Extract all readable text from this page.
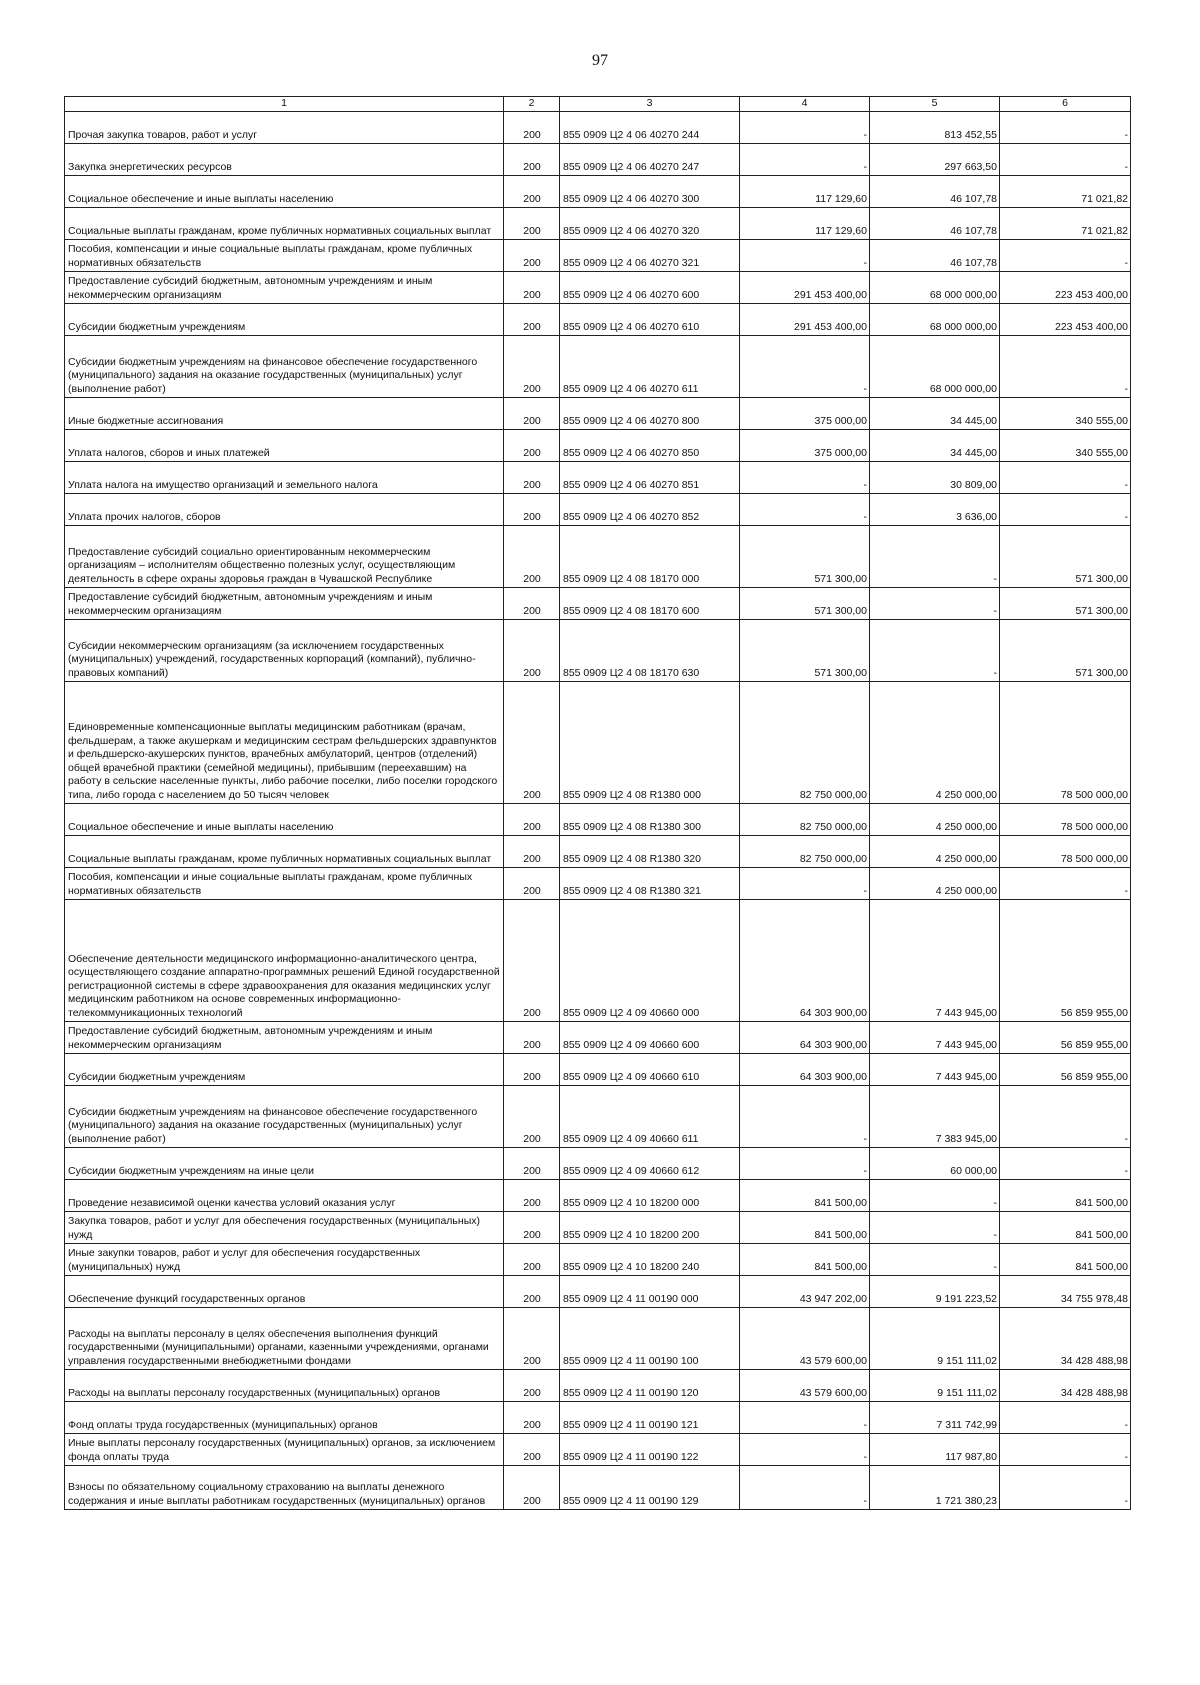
97
1	2	3	4	5	6
Прочая закупка товаров, работ и услуг	200	855 0909 Ц2 4 06 40270 244	-	813 452,55	-
Закупка энергетических ресурсов	200	855 0909 Ц2 4 06 40270 247	-	297 663,50	-
Социальное обеспечение и иные выплаты населению	200	855 0909 Ц2 4 06 40270 300	117 129,60	46 107,78	71 021,82
Социальные выплаты гражданам, кроме публичных нормативных социальных выплат	200	855 0909 Ц2 4 06 40270 320	117 129,60	46 107,78	71 021,82
Пособия, компенсации и иные социальные выплаты гражданам, кроме публичных нормативных обязательств	200	855 0909 Ц2 4 06 40270 321	-	46 107,78	-
Предоставление субсидий бюджетным, автономным учреждениям и иным некоммерческим организациям	200	855 0909 Ц2 4 06 40270 600	291 453 400,00	68 000 000,00	223 453 400,00
Субсидии бюджетным учреждениям	200	855 0909 Ц2 4 06 40270 610	291 453 400,00	68 000 000,00	223 453 400,00
Субсидии бюджетным учреждениям на финансовое обеспечение государственного (муниципального) задания на оказание государственных (муниципальных) услуг (выполнение работ)	200	855 0909 Ц2 4 06 40270 611	-	68 000 000,00	-
Иные бюджетные ассигнования	200	855 0909 Ц2 4 06 40270 800	375 000,00	34 445,00	340 555,00
Уплата налогов, сборов и иных платежей	200	855 0909 Ц2 4 06 40270 850	375 000,00	34 445,00	340 555,00
Уплата налога на имущество организаций и земельного налога	200	855 0909 Ц2 4 06 40270 851	-	30 809,00	-
Уплата прочих налогов, сборов	200	855 0909 Ц2 4 06 40270 852	-	3 636,00	-
Предоставление субсидий социально ориентированным некоммерческим организациям – исполнителям общественно полезных услуг, осуществляющим деятельность в сфере охраны здоровья граждан в Чувашской Республике	200	855 0909 Ц2 4 08 18170 000	571 300,00	-	571 300,00
Предоставление субсидий бюджетным, автономным учреждениям и иным некоммерческим организациям	200	855 0909 Ц2 4 08 18170 600	571 300,00	-	571 300,00
Субсидии некоммерческим организациям (за исключением государственных (муниципальных) учреждений, государственных корпораций (компаний), публично-правовых компаний)	200	855 0909 Ц2 4 08 18170 630	571 300,00	-	571 300,00
Единовременные компенсационные выплаты медицинским работникам (врачам, фельдшерам, а также акушеркам и медицинским сестрам фельдшерских здравпунктов и фельдшерско-акушерских пунктов, врачебных амбулаторий, центров (отделений) общей врачебной практики (семейной медицины), прибывшим (переехавшим) на работу в сельские населенные пункты, либо рабочие поселки, либо поселки городского типа, либо города с населением до 50 тысяч человек	200	855 0909 Ц2 4 08 R1380 000	82 750 000,00	4 250 000,00	78 500 000,00
Социальное обеспечение и иные выплаты населению	200	855 0909 Ц2 4 08 R1380 300	82 750 000,00	4 250 000,00	78 500 000,00
Социальные выплаты гражданам, кроме публичных нормативных социальных выплат	200	855 0909 Ц2 4 08 R1380 320	82 750 000,00	4 250 000,00	78 500 000,00
Пособия, компенсации и иные социальные выплаты гражданам, кроме публичных нормативных обязательств	200	855 0909 Ц2 4 08 R1380 321	-	4 250 000,00	-
Обеспечение деятельности медицинского информационно-аналитического центра, осуществляющего создание аппаратно-программных решений Единой государственной регистрационной системы в сфере здравоохранения для оказания медицинских услуг медицинским работником на основе современных информационно-телекоммуникационных технологий	200	855 0909 Ц2 4 09 40660 000	64 303 900,00	7 443 945,00	56 859 955,00
Предоставление субсидий бюджетным, автономным учреждениям и иным некоммерческим организациям	200	855 0909 Ц2 4 09 40660 600	64 303 900,00	7 443 945,00	56 859 955,00
Субсидии бюджетным учреждениям	200	855 0909 Ц2 4 09 40660 610	64 303 900,00	7 443 945,00	56 859 955,00
Субсидии бюджетным учреждениям на финансовое обеспечение государственного (муниципального) задания на оказание государственных (муниципальных) услуг (выполнение работ)	200	855 0909 Ц2 4 09 40660 611	-	7 383 945,00	-
Субсидии бюджетным учреждениям на иные цели	200	855 0909 Ц2 4 09 40660 612	-	60 000,00	-
Проведение независимой оценки качества условий оказания услуг	200	855 0909 Ц2 4 10 18200 000	841 500,00	-	841 500,00
Закупка товаров, работ и услуг для обеспечения государственных (муниципальных) нужд	200	855 0909 Ц2 4 10 18200 200	841 500,00	-	841 500,00
Иные закупки товаров, работ и услуг для обеспечения государственных (муниципальных) нужд	200	855 0909 Ц2 4 10 18200 240	841 500,00	-	841 500,00
Обеспечение функций государственных органов	200	855 0909 Ц2 4 11 00190 000	43 947 202,00	9 191 223,52	34 755 978,48
Расходы на выплаты персоналу в целях обеспечения выполнения функций государственными (муниципальными) органами, казенными учреждениями, органами управления государственными внебюджетными фондами	200	855 0909 Ц2 4 11 00190 100	43 579 600,00	9 151 111,02	34 428 488,98
Расходы на выплаты персоналу государственных (муниципальных) органов	200	855 0909 Ц2 4 11 00190 120	43 579 600,00	9 151 111,02	34 428 488,98
Фонд оплаты труда государственных (муниципальных) органов	200	855 0909 Ц2 4 11 00190 121	-	7 311 742,99	-
Иные выплаты персоналу государственных (муниципальных) органов, за исключением фонда оплаты труда	200	855 0909 Ц2 4 11 00190 122	-	117 987,80	-
Взносы по обязательному социальному страхованию на выплаты денежного содержания и иные выплаты работникам государственных (муниципальных) органов	200	855 0909 Ц2 4 11 00190 129	-	1 721 380,23	-
